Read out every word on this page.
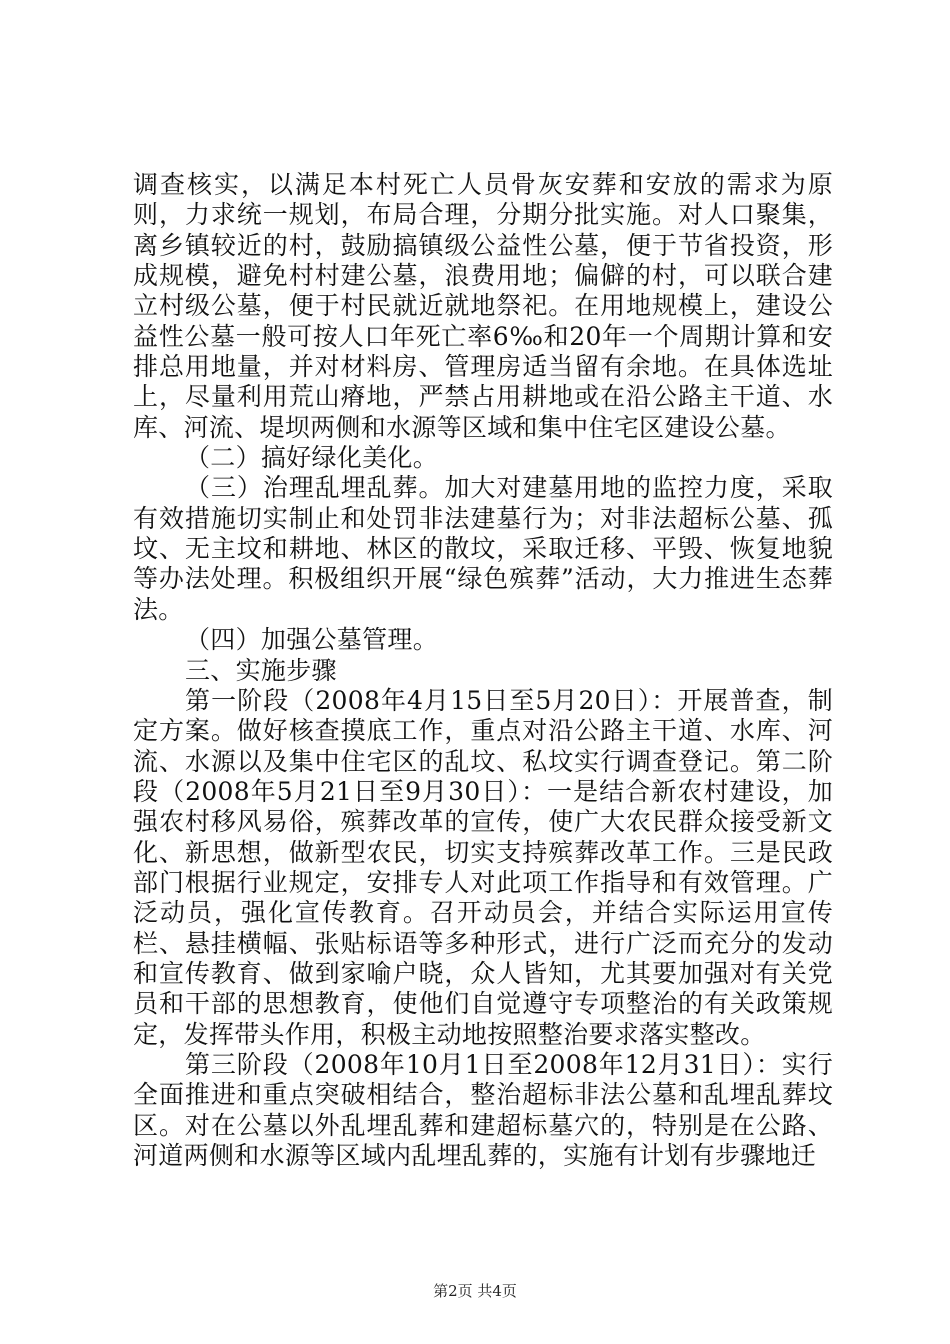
调查核实，以满足本村死亡人员骨灰安葬和安放的需求为原则，力求统一规划，布局合理，分期分批实施。对人口聚集，离乡镇较近的村，鼓励搞镇级公益性公墓，便于节省投资，形成规模，避免村村建公墓，浪费用地；偏僻的村，可以联合建立村级公墓，便于村民就近就地祭祀。在用地规模上，建设公益性公墓一般可按人口年死亡率6‰和20年一个周期计算和安排总用地量，并对材料房、管理房适当留有余地。在具体选址上，尽量利用荒山瘠地，严禁占用耕地或在沿公路主干道、水库、河流、堤坝两侧和水源等区域和集中住宅区建设公墓。

（二）搞好绿化美化。

（三）治理乱埋乱葬。加大对建墓用地的监控力度，采取有效措施切实制止和处罚非法建墓行为；对非法超标公墓、孤坟、无主坟和耕地、林区的散坟，采取迁移、平毁、恢复地貌等办法处理。积极组织开展“绿色殡葬”活动，大力推进生态葬法。

（四）加强公墓管理。

三、实施步骤

第一阶段（2008年4月15日至5月20日）：开展普查，制定方案。做好核查摸底工作，重点对沿公路主干道、水库、河流、水源以及集中住宅区的乱坟、私坟实行调查登记。第二阶段（2008年5月21日至9月30日）：一是结合新农村建设，加强农村移风易俗，殡葬改革的宣传，使广大农民群众接受新文化、新思想，做新型农民，切实支持殡葬改革工作。三是民政部门根据行业规定，安排专人对此项工作指导和有效管理。广泛动员，强化宣传教育。召开动员会，并结合实际运用宣传栏、悬挂横幅、张贴标语等多种形式，进行广泛而充分的发动和宣传教育、做到家喻户晓，众人皆知，尤其要加强对有关党员和干部的思想教育，使他们自觉遵守专项整治的有关政策规定，发挥带头作用，积极主动地按照整治要求落实整改。

第三阶段（2008年10月1日至2008年12月31日）：实行全面推进和重点突破相结合，整治超标非法公墓和乱埋乱葬坟区。对在公墓以外乱埋乱葬和建超标墓穴的，特别是在公路、河道两侧和水源等区域内乱埋乱葬的，实施有计划有步骤地迁

第2页 共4页
